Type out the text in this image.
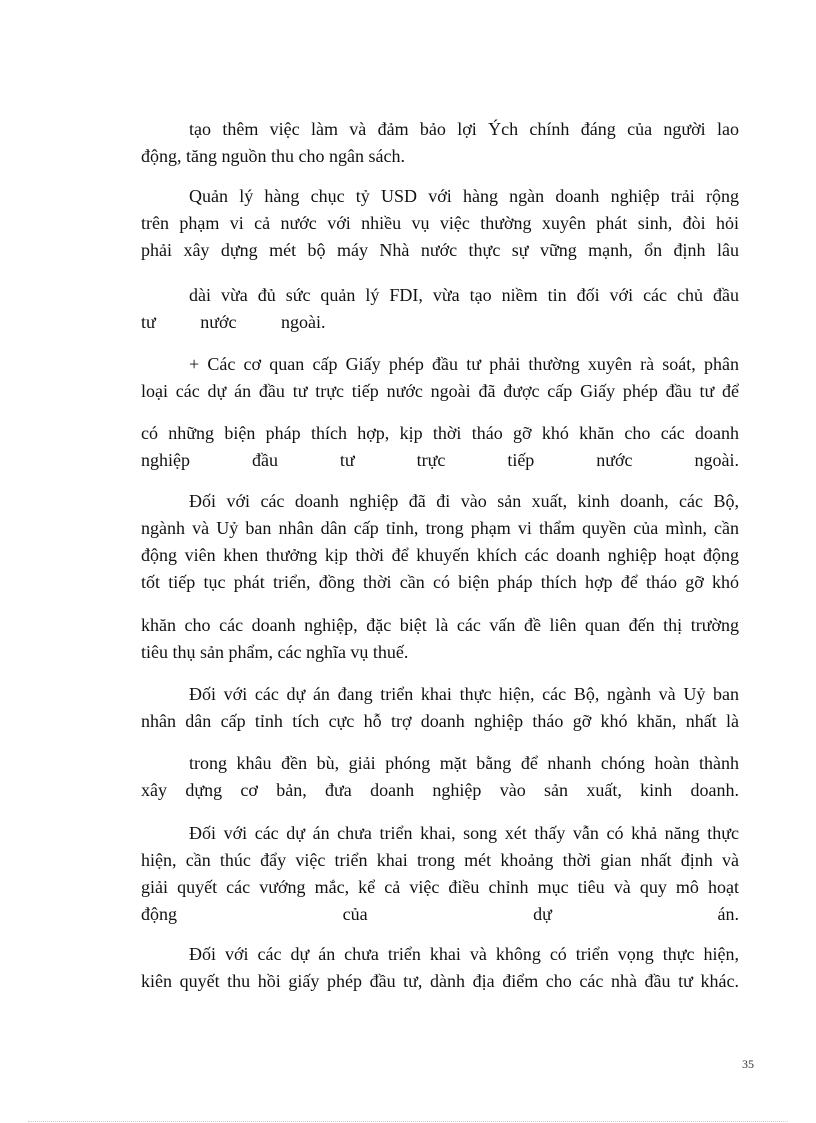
tạo thêm việc làm và đảm bảo lợi Ých chính đáng của người lao
động, tăng nguồn thu cho ngân sách.
Quản lý hàng chục tỷ USD với hàng ngàn doanh nghiệp trải rộng
trên phạm vi cả nước với nhiều vụ việc thường xuyên phát sinh, đòi hỏi
phải xây dựng mét bộ máy Nhà nước thực sự vững mạnh, ổn định lâu
dài vừa đủ sức quản lý FDI, vừa tạo niềm tin đối với các chủ đầu
tư nước ngoài.
+ Các cơ quan cấp Giấy phép đầu tư phải thường xuyên rà soát, phân
loại các dự án đầu tư trực tiếp nước ngoài đã được cấp Giấy phép đầu tư để
có những biện pháp thích hợp, kịp thời tháo gỡ khó khăn cho các doanh
nghiệp đầu tư trực tiếp nước ngoài.
Đối với các doanh nghiệp đã đi vào sản xuất, kinh doanh, các Bộ,
ngành và Uỷ ban nhân dân cấp tỉnh, trong phạm vi thẩm quyền của mình, cần
động viên khen thưởng kịp thời để khuyến khích các doanh nghiệp hoạt động
tốt tiếp tục phát triển, đồng thời cần có biện pháp thích hợp để tháo gỡ khó
khăn cho các doanh nghiệp, đặc biệt là các vấn đề liên quan đến thị trường
tiêu thụ sản phẩm, các nghĩa vụ thuế.
Đối với các dự án đang triển khai thực hiện, các Bộ, ngành và Uỷ ban
nhân dân cấp tỉnh tích cực hỗ trợ doanh nghiệp tháo gỡ khó khăn, nhất là
trong khâu đền bù, giải phóng mặt bằng để nhanh chóng hoàn thành
xây dựng cơ bản, đưa doanh nghiệp vào sản xuất, kinh doanh.
Đối với các dự án chưa triển khai, song xét thấy vẫn có khả năng thực
hiện, cần thúc đẩy việc triển khai trong mét khoảng thời gian nhất định và
giải quyết các vướng mắc, kể cả việc điều chỉnh mục tiêu và quy mô hoạt
động của dự án.
Đối với các dự án chưa triển khai và không có triển vọng thực hiện,
kiên quyết thu hồi giấy phép đầu tư, dành địa điểm cho các nhà đầu tư khác.
35
